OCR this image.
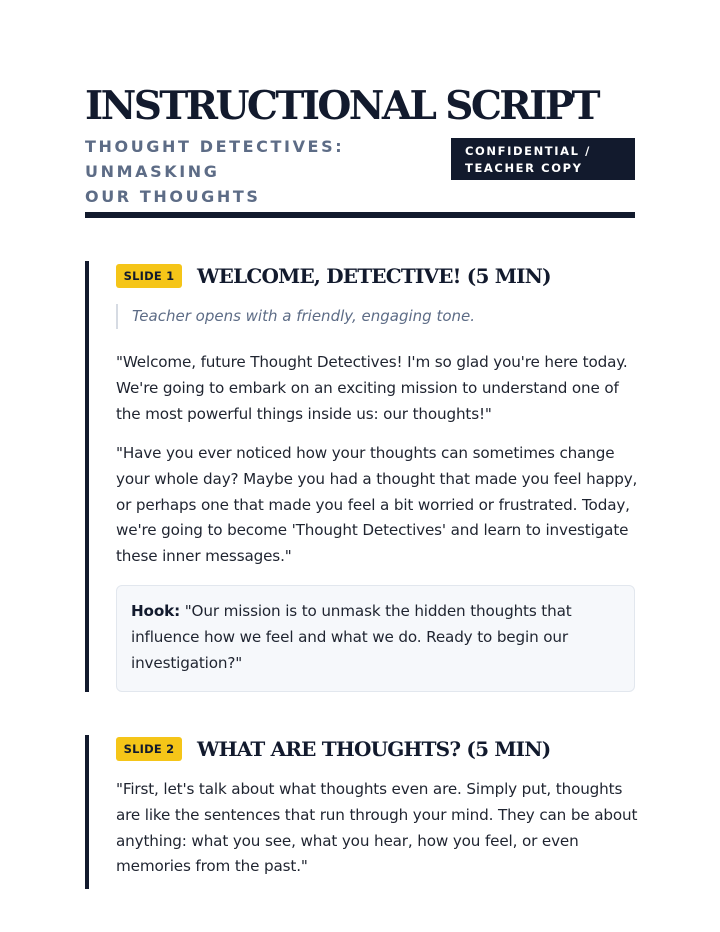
INSTRUCTIONAL SCRIPT
THOUGHT DETECTIVES: UNMASKING
OUR THOUGHTS
CONFIDENTIAL /
TEACHER COPY
SLIDE 1	WELCOME, DETECTIVE! (5 MIN)
Teacher opens with a friendly, engaging tone.

"Welcome, future Thought Detectives! I'm so glad you're here today. We're going to embark on an exciting mission to understand one of the most powerful things inside us: our thoughts!"

"Have you ever noticed how your thoughts can sometimes change your whole day? Maybe you had a thought that made you feel happy, or perhaps one that made you feel a bit worried or frustrated. Today, we're going to become 'Thought Detectives' and learn to investigate these inner messages."

Hook: "Our mission is to unmask the hidden thoughts that influence how we feel and what we do. Ready to begin our investigation?"
SLIDE 2	WHAT ARE THOUGHTS? (5 MIN)

"First, let's talk about what thoughts even are. Simply put, thoughts are like the sentences that run through your mind. They can be about anything: what you see, what you hear, how you feel, or even memories from the past."
